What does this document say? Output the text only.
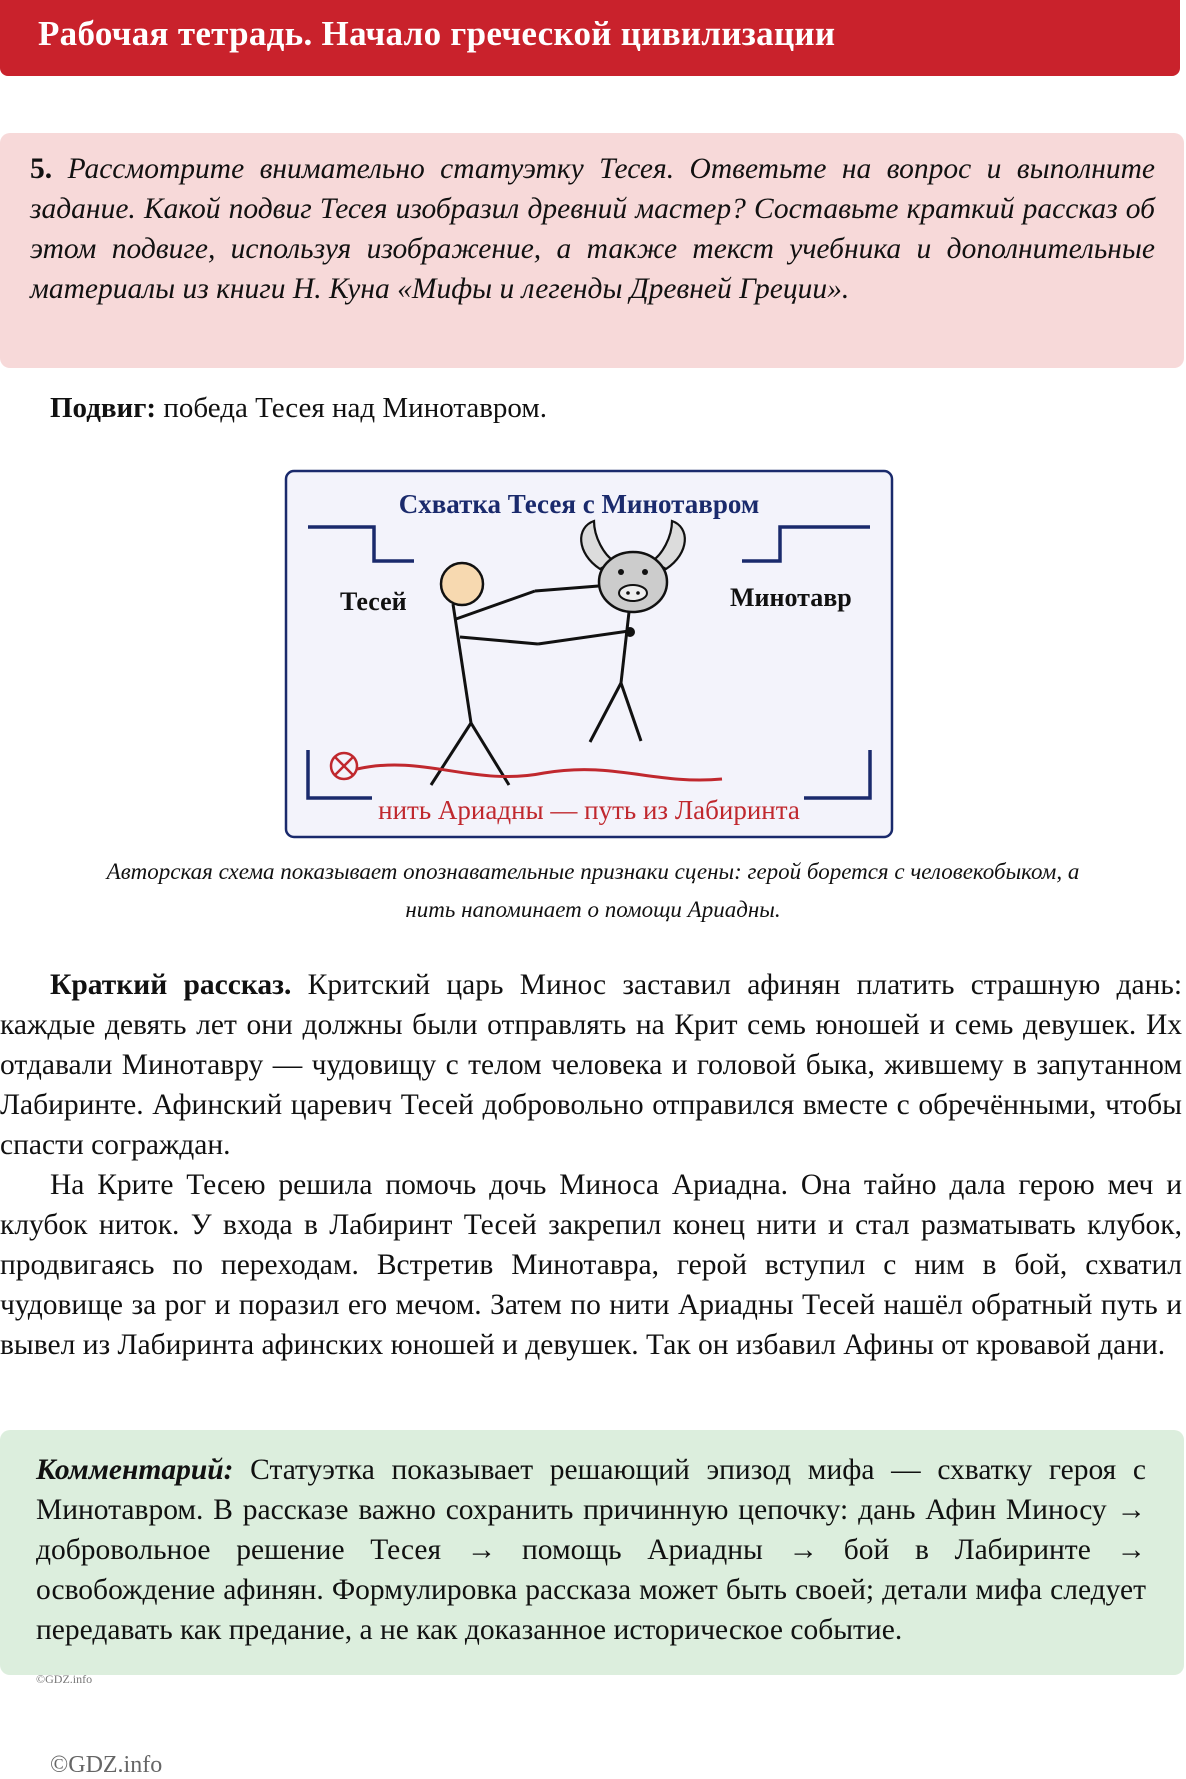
Рабочая тетрадь. Начало греческой цивилизации
5. Рассмотрите внимательно статуэтку Тесея. Ответьте на вопрос и выполните задание. Какой подвиг Тесея изобразил древний мастер? Составьте краткий рассказ об этом подвиге, используя изображение, а также текст учебника и дополнительные материалы из книги Н. Куна «Мифы и легенды Древней Греции».
Подвиг: победа Тесея над Минотавром.
Схватка Тесея с Минотавром
Тесей	Минотавр
нить Ариадны — путь из Лабиринта
Авторская схема показывает опознавательные признаки сцены: герой борется с человекобыком, а
нить напоминает о помощи Ариадны.

Краткий рассказ. Критский царь Минос заставил афинян платить страшную дань: каждые девять лет они должны были отправлять на Крит семь юношей и семь девушек. Их отдавали Минотавру — чудовищу с телом человека и головой быка, жившему в запутанном Лабиринте. Афинский царевич Тесей добровольно отправился вместе с обречёнными, чтобы спасти сограждан.

На Крите Тесею решила помочь дочь Миноса Ариадна. Она тайно дала герою меч и клубок ниток. У входа в Лабиринт Тесей закрепил конец нити и стал разматывать клубок, продвигаясь по переходам. Встретив Минотавра, герой вступил с ним в бой, схватил чудовище за рог и поразил его мечом. Затем по нити Ариадны Тесей нашёл обратный путь и вывел из Лабиринта афинских юношей и девушек. Так он избавил Афины от кровавой дани.

Комментарий: Статуэтка показывает решающий эпизод мифа — схватку героя с Минотавром. В рассказе важно сохранить причинную цепочку: дань Афин Миносу → добровольное решение Тесея → помощь Ариадны → бой в Лабиринте → освобождение афинян. Формулировка рассказа может быть своей; детали мифа следует передавать как предание, а не как доказанное историческое событие.
©GDZ.info
©GDZ.info
